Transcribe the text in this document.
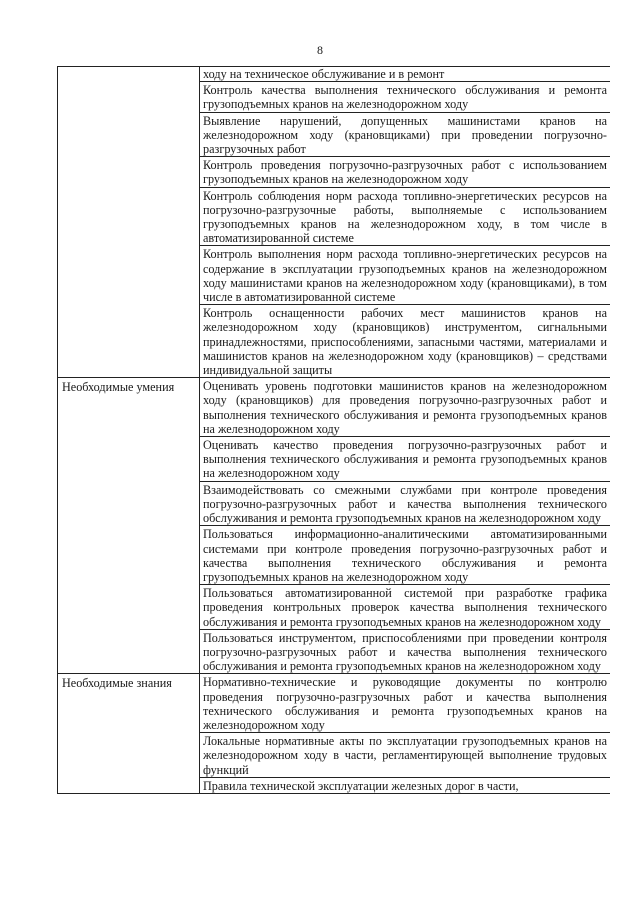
8
	ходу на техническое обслуживание и в ремонт
	Контроль качества выполнения технического обслуживания и ремонта грузоподъемных кранов на железнодорожном ходу
	Выявление нарушений, допущенных машинистами кранов на железнодорожном ходу (крановщиками) при проведении погрузочно-разгрузочных работ
	Контроль проведения погрузочно-разгрузочных работ с использованием грузоподъемных кранов на железнодорожном ходу
	Контроль соблюдения норм расхода топливно-энергетических ресурсов на погрузочно-разгрузочные работы, выполняемые с использованием грузоподъемных кранов на железнодорожном ходу, в том числе в автоматизированной системе
	Контроль выполнения норм расхода топливно-энергетических ресурсов на содержание в эксплуатации грузоподъемных кранов на железнодорожном ходу машинистами кранов на железнодорожном ходу (крановщиками), в том числе в автоматизированной системе
	Контроль оснащенности рабочих мест машинистов кранов на железнодорожном ходу (крановщиков) инструментом, сигнальными принадлежностями, приспособлениями, запасными частями, материалами и машинистов кранов на железнодорожном ходу (крановщиков) – средствами индивидуальной защиты
Необходимые умения	Оценивать уровень подготовки машинистов кранов на железнодорожном ходу (крановщиков) для проведения погрузочно-разгрузочных работ и выполнения технического обслуживания и ремонта грузоподъемных кранов на железнодорожном ходу
	Оценивать качество проведения погрузочно-разгрузочных работ и выполнения технического обслуживания и ремонта грузоподъемных кранов на железнодорожном ходу
	Взаимодействовать со смежными службами при контроле проведения погрузочно-разгрузочных работ и качества выполнения технического обслуживания и ремонта грузоподъемных кранов на железнодорожном ходу
	Пользоваться информационно-аналитическими автоматизированными системами при контроле проведения погрузочно-разгрузочных работ и качества выполнения технического обслуживания и ремонта грузоподъемных кранов на железнодорожном ходу
	Пользоваться автоматизированной системой при разработке графика проведения контрольных проверок качества выполнения технического обслуживания и ремонта грузоподъемных кранов на железнодорожном ходу
	Пользоваться инструментом, приспособлениями при проведении контроля погрузочно-разгрузочных работ и качества выполнения технического обслуживания и ремонта грузоподъемных кранов на железнодорожном ходу
Необходимые знания	Нормативно-технические и руководящие документы по контролю проведения погрузочно-разгрузочных работ и качества выполнения технического обслуживания и ремонта грузоподъемных кранов на железнодорожном ходу
	Локальные нормативные акты по эксплуатации грузоподъемных кранов на железнодорожном ходу в части, регламентирующей выполнение трудовых функций
	Правила технической эксплуатации железных дорог в части,
